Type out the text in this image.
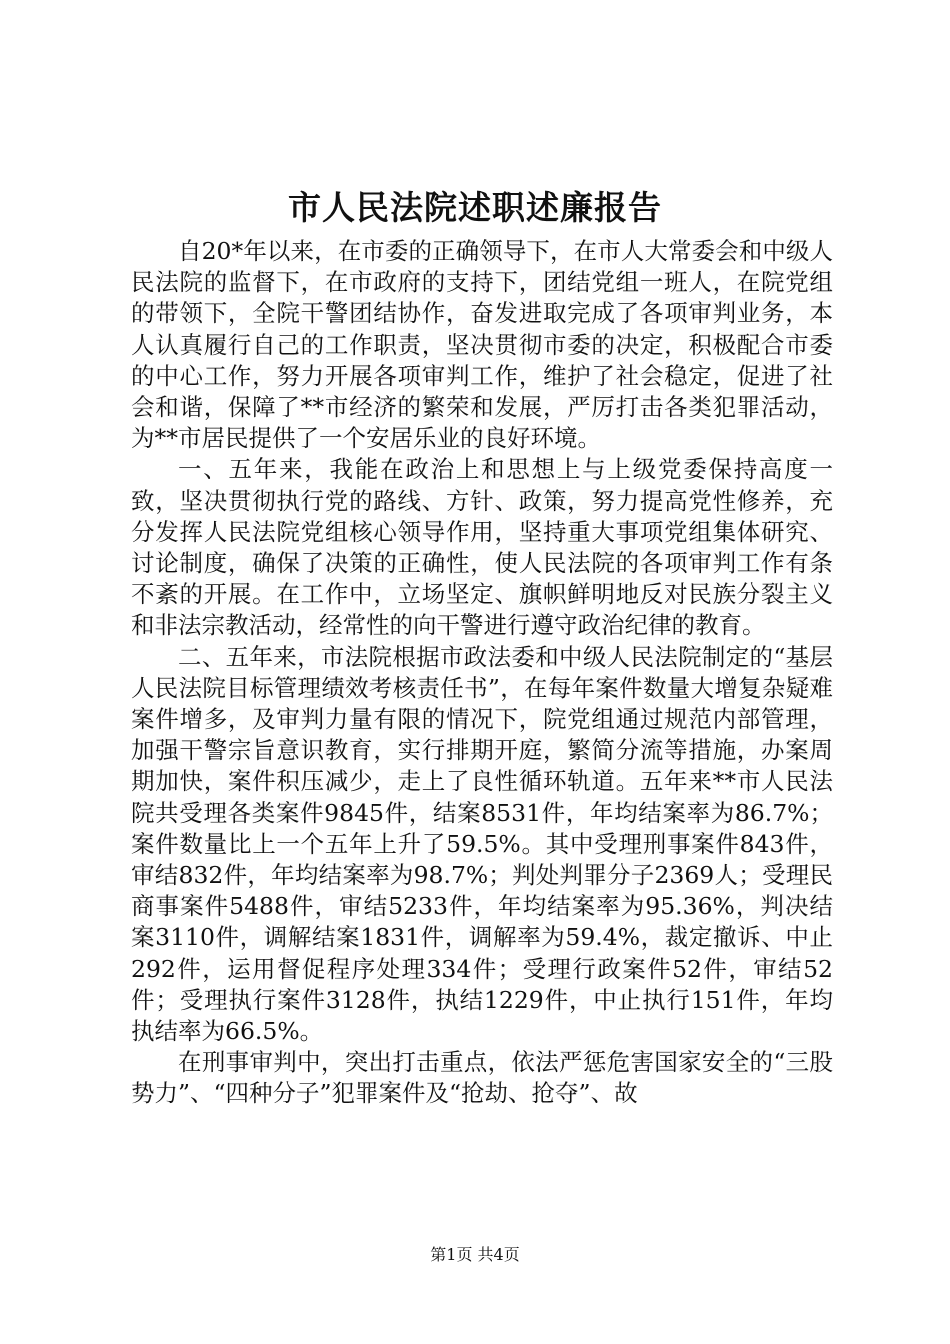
市人民法院述职述廉报告

自20*年以来，在市委的正确领导下，在市人大常委会和中级人民法院的监督下，在市政府的支持下，团结党组一班人，在院党组的带领下，全院干警团结协作，奋发进取完成了各项审判业务，本人认真履行自己的工作职责，坚决贯彻市委的决定，积极配合市委的中心工作，努力开展各项审判工作，维护了社会稳定，促进了社会和谐，保障了**市经济的繁荣和发展，严厉打击各类犯罪活动，为**市居民提供了一个安居乐业的良好环境。

一、五年来，我能在政治上和思想上与上级党委保持高度一致，坚决贯彻执行党的路线、方针、政策，努力提高党性修养，充分发挥人民法院党组核心领导作用，坚持重大事项党组集体研究、讨论制度，确保了决策的正确性，使人民法院的各项审判工作有条不紊的开展。在工作中，立场坚定、旗帜鲜明地反对民族分裂主义和非法宗教活动，经常性的向干警进行遵守政治纪律的教育。

二、五年来，市法院根据市政法委和中级人民法院制定的“基层人民法院目标管理绩效考核责任书”，在每年案件数量大增复杂疑难案件增多，及审判力量有限的情况下，院党组通过规范内部管理，加强干警宗旨意识教育，实行排期开庭，繁简分流等措施，办案周期加快，案件积压减少，走上了良性循环轨道。五年来**市人民法院共受理各类案件9845件，结案8531件，年均结案率为86.7%；案件数量比上一个五年上升了59.5%。其中受理刑事案件843件，审结832件，年均结案率为98.7%；判处判罪分子2369人；受理民商事案件5488件，审结5233件，年均结案率为95.36%，判决结案3110件，调解结案1831件，调解率为59.4%，裁定撤诉、中止292件，运用督促程序处理334件；受理行政案件52件，审结52件；受理执行案件3128件，执结1229件，中止执行151件，年均执结率为66.5%。

在刑事审判中，突出打击重点，依法严惩危害国家安全的“三股势力”、“四种分子”犯罪案件及“抢劫、抢夺”、故

第1页 共4页
